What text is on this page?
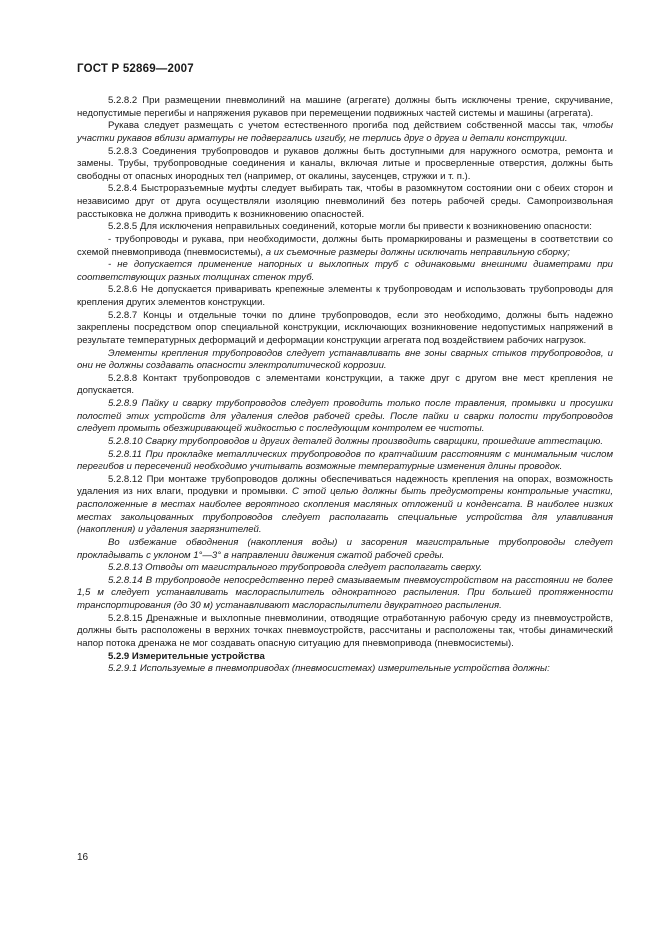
ГОСТ Р 52869—2007

5.2.8.2 При размещении пневмолиний на машине (агрегате) должны быть исключены трение, скручивание, недопустимые перегибы и напряжения рукавов при перемещении подвижных частей системы и машины (агрегата).

Рукава следует размещать с учетом естественного прогиба под действием собственной массы так, чтобы участки рукавов вблизи арматуры не подвергались изгибу, не терлись друг о друга и детали конструкции.

5.2.8.3 Соединения трубопроводов и рукавов должны быть доступными для наружного осмотра, ремонта и замены. Трубы, трубопроводные соединения и каналы, включая литые и просверленные отверстия, должны быть свободны от опасных инородных тел (например, от окалины, заусенцев, стружки и т. п.).

5.2.8.4 Быстроразъемные муфты следует выбирать так, чтобы в разомкнутом состоянии они с обеих сторон и независимо друг от друга осуществляли изоляцию пневмолиний без потерь рабочей среды. Самопроизвольная расстыковка не должна приводить к возникновению опасностей.

5.2.8.5 Для исключения неправильных соединений, которые могли бы привести к возникновению опасности:

- трубопроводы и рукава, при необходимости, должны быть промаркированы и размещены в соответствии со схемой пневмопривода (пневмосистемы), а их съемочные размеры должны исключать неправильную сборку;

- не допускается применение напорных и выхлопных труб с одинаковыми внешними диаметрами при соответствующих разных толщинах стенок труб.

5.2.8.6 Не допускается приваривать крепежные элементы к трубопроводам и использовать трубопроводы для крепления других элементов конструкции.

5.2.8.7 Концы и отдельные точки по длине трубопроводов, если это необходимо, должны быть надежно закреплены посредством опор специальной конструкции, исключающих возникновение недопустимых напряжений в результате температурных деформаций и деформации конструкции агрегата под воздействием рабочих нагрузок.

Элементы крепления трубопроводов следует устанавливать вне зоны сварных стыков трубопроводов, и они не должны создавать опасности электролитической коррозии.

5.2.8.8 Контакт трубопроводов с элементами конструкции, а также друг с другом вне мест крепления не допускается.

5.2.8.9 Пайку и сварку трубопроводов следует проводить только после травления, промывки и просушки полостей этих устройств для удаления следов рабочей среды. После пайки и сварки полости трубопроводов следует промыть обезжиривающей жидкостью с последующим контролем ее чистоты.

5.2.8.10 Сварку трубопроводов и других деталей должны производить сварщики, прошедшие аттестацию.

5.2.8.11 При прокладке металлических трубопроводов по кратчайшим расстояниям с минимальным числом перегибов и пересечений необходимо учитывать возможные температурные изменения длины проводок.

5.2.8.12 При монтаже трубопроводов должны обеспечиваться надежность крепления на опорах, возможность удаления из них влаги, продувки и промывки. С этой целью должны быть предусмотрены контрольные участки, расположенные в местах наиболее вероятного скопления масляных отложений и конденсата. В наиболее низких местах закольцованных трубопроводов следует располагать специальные устройства для улавливания (накопления) и удаления загрязнителей.

Во избежание обводнения (накопления воды) и засорения магистральные трубопроводы следует прокладывать с уклоном 1°—3° в направлении движения сжатой рабочей среды.

5.2.8.13 Отводы от магистрального трубопровода следует располагать сверху.

5.2.8.14 В трубопроводе непосредственно перед смазываемым пневмоустройством на расстоянии не более 1,5 м следует устанавливать маслораспылитель однократного распыления. При большей протяженности транспортирования (до 30 м) устанавливают маслораспылители двукратного распыления.

5.2.8.15 Дренажные и выхлопные пневмолинии, отводящие отработанную рабочую среду из пневмоустройств, должны быть расположены в верхних точках пневмоустройств, рассчитаны и расположены так, чтобы динамический напор потока дренажа не мог создавать опасную ситуацию для пневмопривода (пневмосистемы).

5.2.9 Измерительные устройства

5.2.9.1 Используемые в пневмоприводах (пневмосистемах) измерительные устройства должны:

16
